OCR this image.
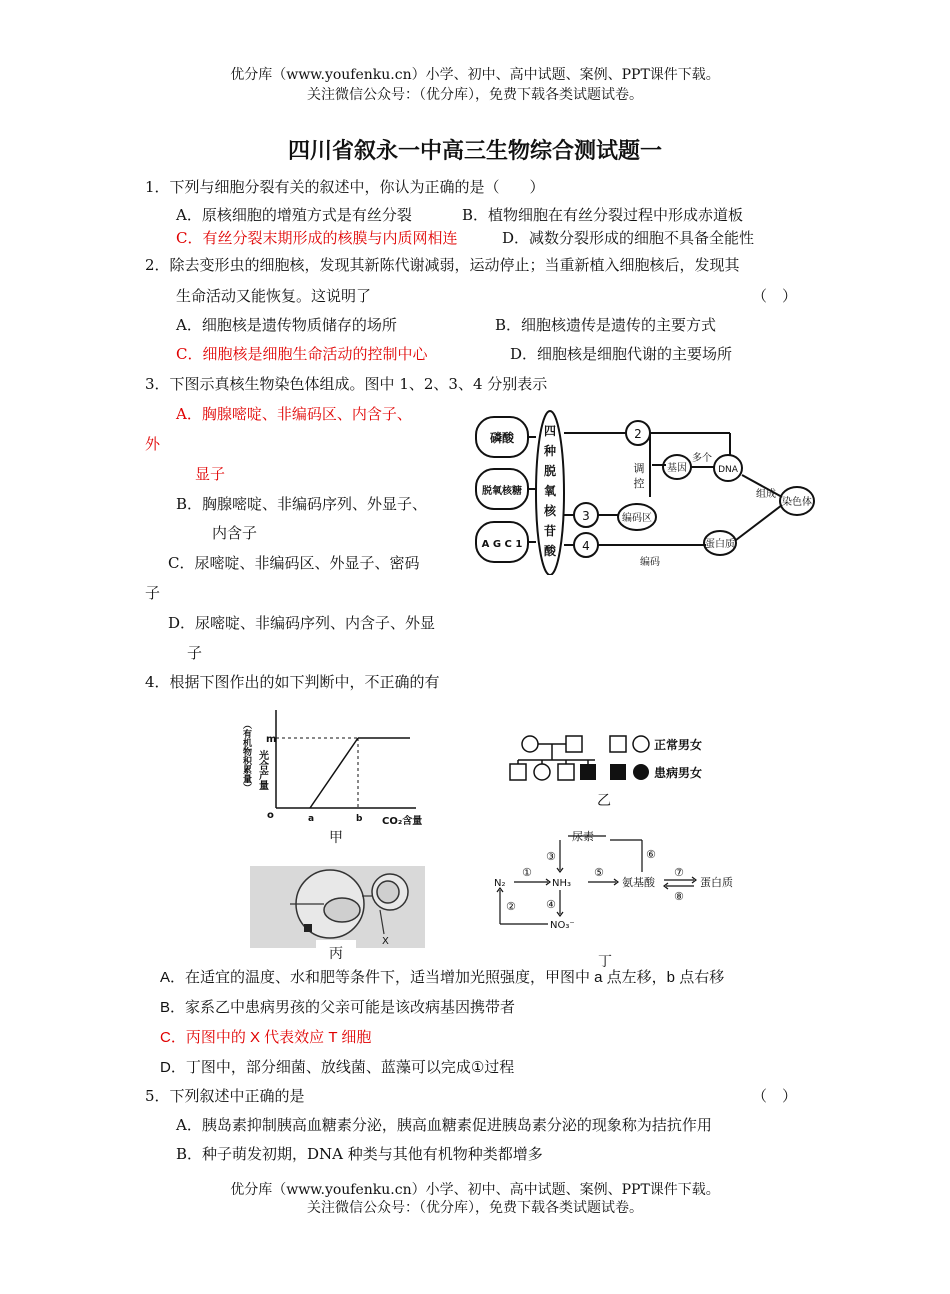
优分库（www.youfenku.cn）小学、初中、高中试题、案例、PPT课件下载。
关注微信公众号：（优分库），免费下载各类试题试卷。
四川省叙永一中高三生物综合测试题一
1．下列与细胞分裂有关的叙述中，你认为正确的是（　　）
A．原核细胞的增殖方式是有丝分裂	B．植物细胞在有丝分裂过程中形成赤道板
C．有丝分裂末期形成的核膜与内质网相连	D．减数分裂形成的细胞不具备全能性
2．除去变形虫的细胞核，发现其新陈代谢减弱，运动停止；当重新植入细胞核后，发现其
生命活动又能恢复。这说明了	（　）
A．细胞核是遗传物质储存的场所	B．细胞核遗传是遗传的主要方式
C．细胞核是细胞生命活动的控制中心	D．细胞核是细胞代谢的主要场所
3．下图示真核生物染色体组成。图中 1、2、3、4 分别表示
A．胸腺嘧啶、非编码区、内含子、
外
显子
B．胸腺嘧啶、非编码序列、外显子、
内含子
C．尿嘧啶、非编码区、外显子、密码
子
D．尿嘧啶、非编码序列、内含子、外显
子
磷酸
脱氧核糖
A G C 1
四
种
脱
氧
核
苷
酸
2
3
4
调
控
基因
多个
DNA
编码区
组成
染色体
蛋白质
编码
4．根据下图作出的如下判断中，不正确的有
m
o	a	b CO₂含量
光合产量
（有机物积累量）
甲
正常男女
患病男女
乙
X
丙
尿素
N₂	NH₃
NO₃⁻
氨基酸	蛋白质
①
②
③
④
⑤
⑥
⑦
⑧
丁
A．在适宜的温度、水和肥等条件下，适当增加光照强度，甲图中 a 点左移，b 点右移
B．家系乙中患病男孩的父亲可能是该改病基因携带者
C．丙图中的 X 代表效应 T 细胞
D．丁图中，部分细菌、放线菌、蓝藻可以完成①过程
5．下列叙述中正确的是	（　）
A．胰岛素抑制胰高血糖素分泌，胰高血糖素促进胰岛素分泌的现象称为拮抗作用
B．种子萌发初期，DNA 种类与其他有机物种类都增多
优分库（www.youfenku.cn）小学、初中、高中试题、案例、PPT课件下载。
关注微信公众号：（优分库），免费下载各类试题试卷。
